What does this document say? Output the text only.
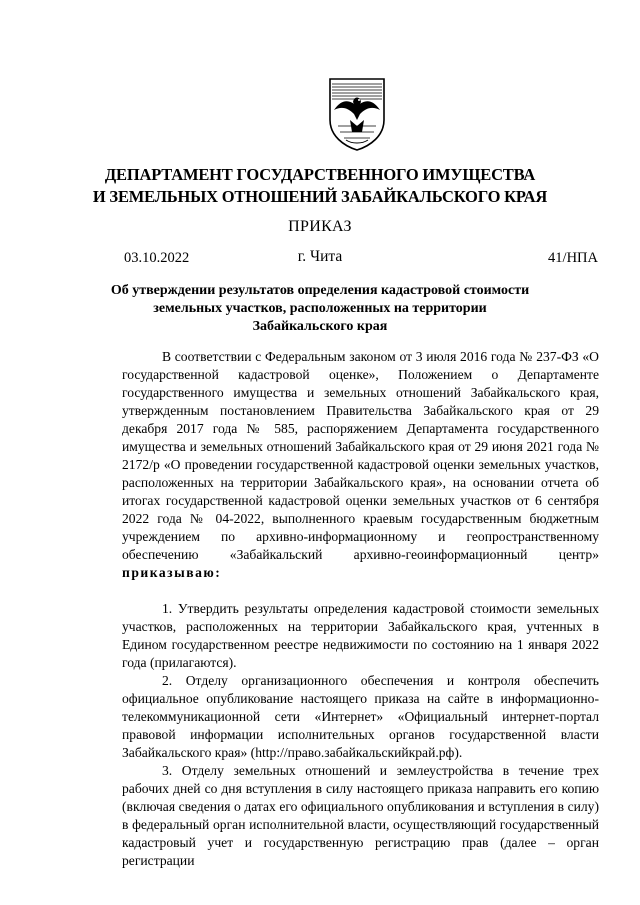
ДЕПАРТАМЕНТ ГОСУДАРСТВЕННОГО ИМУЩЕСТВА
И ЗЕМЕЛЬНЫХ ОТНОШЕНИЙ ЗАБАЙКАЛЬСКОГО КРАЯ
ПРИКАЗ
03.10.2022	г. Чита	41/НПА
Об утверждении результатов определения кадастровой стоимости
земельных участков, расположенных на территории
Забайкальского края

В соответствии с Федеральным законом от 3 июля 2016 года № 237-ФЗ «О государственной кадастровой оценке», Положением о Департаменте государственного имущества и земельных отношений Забайкальского края, утвержденным постановлением Правительства Забайкальского края от 29 декабря 2017 года № 585, распоряжением Департамента государственного имущества и земельных отношений Забайкальского края от 29 июня 2021 года № 2172/р «О проведении государственной кадастровой оценки земельных участков, расположенных на территории Забайкальского края», на основании отчета об итогах государственной кадастровой оценки земельных участков от 6 сентября 2022 года № 04-2022, выполненного краевым государственным бюджетным учреждением по архивно-информационному и геопространственному обеспечению «Забайкальский архивно-геоинформационный центр» приказываю:

1. Утвердить результаты определения кадастровой стоимости земельных участков, расположенных на территории Забайкальского края, учтенных в Едином государственном реестре недвижимости по состоянию на 1 января 2022 года (прилагаются).

2. Отделу организационного обеспечения и контроля обеспечить официальное опубликование настоящего приказа на сайте в информационно-телекоммуникационной сети «Интернет» «Официальный интернет-портал правовой информации исполнительных органов государственной власти Забайкальского края» (http://право.забайкальскийкрай.рф).

3. Отделу земельных отношений и землеустройства в течение трех рабочих дней со дня вступления в силу настоящего приказа направить его копию (включая сведения о датах его официального опубликования и вступления в силу) в федеральный орган исполнительной власти, осуществляющий государственный кадастровый учет и государственную регистрацию прав (далее – орган регистрации
